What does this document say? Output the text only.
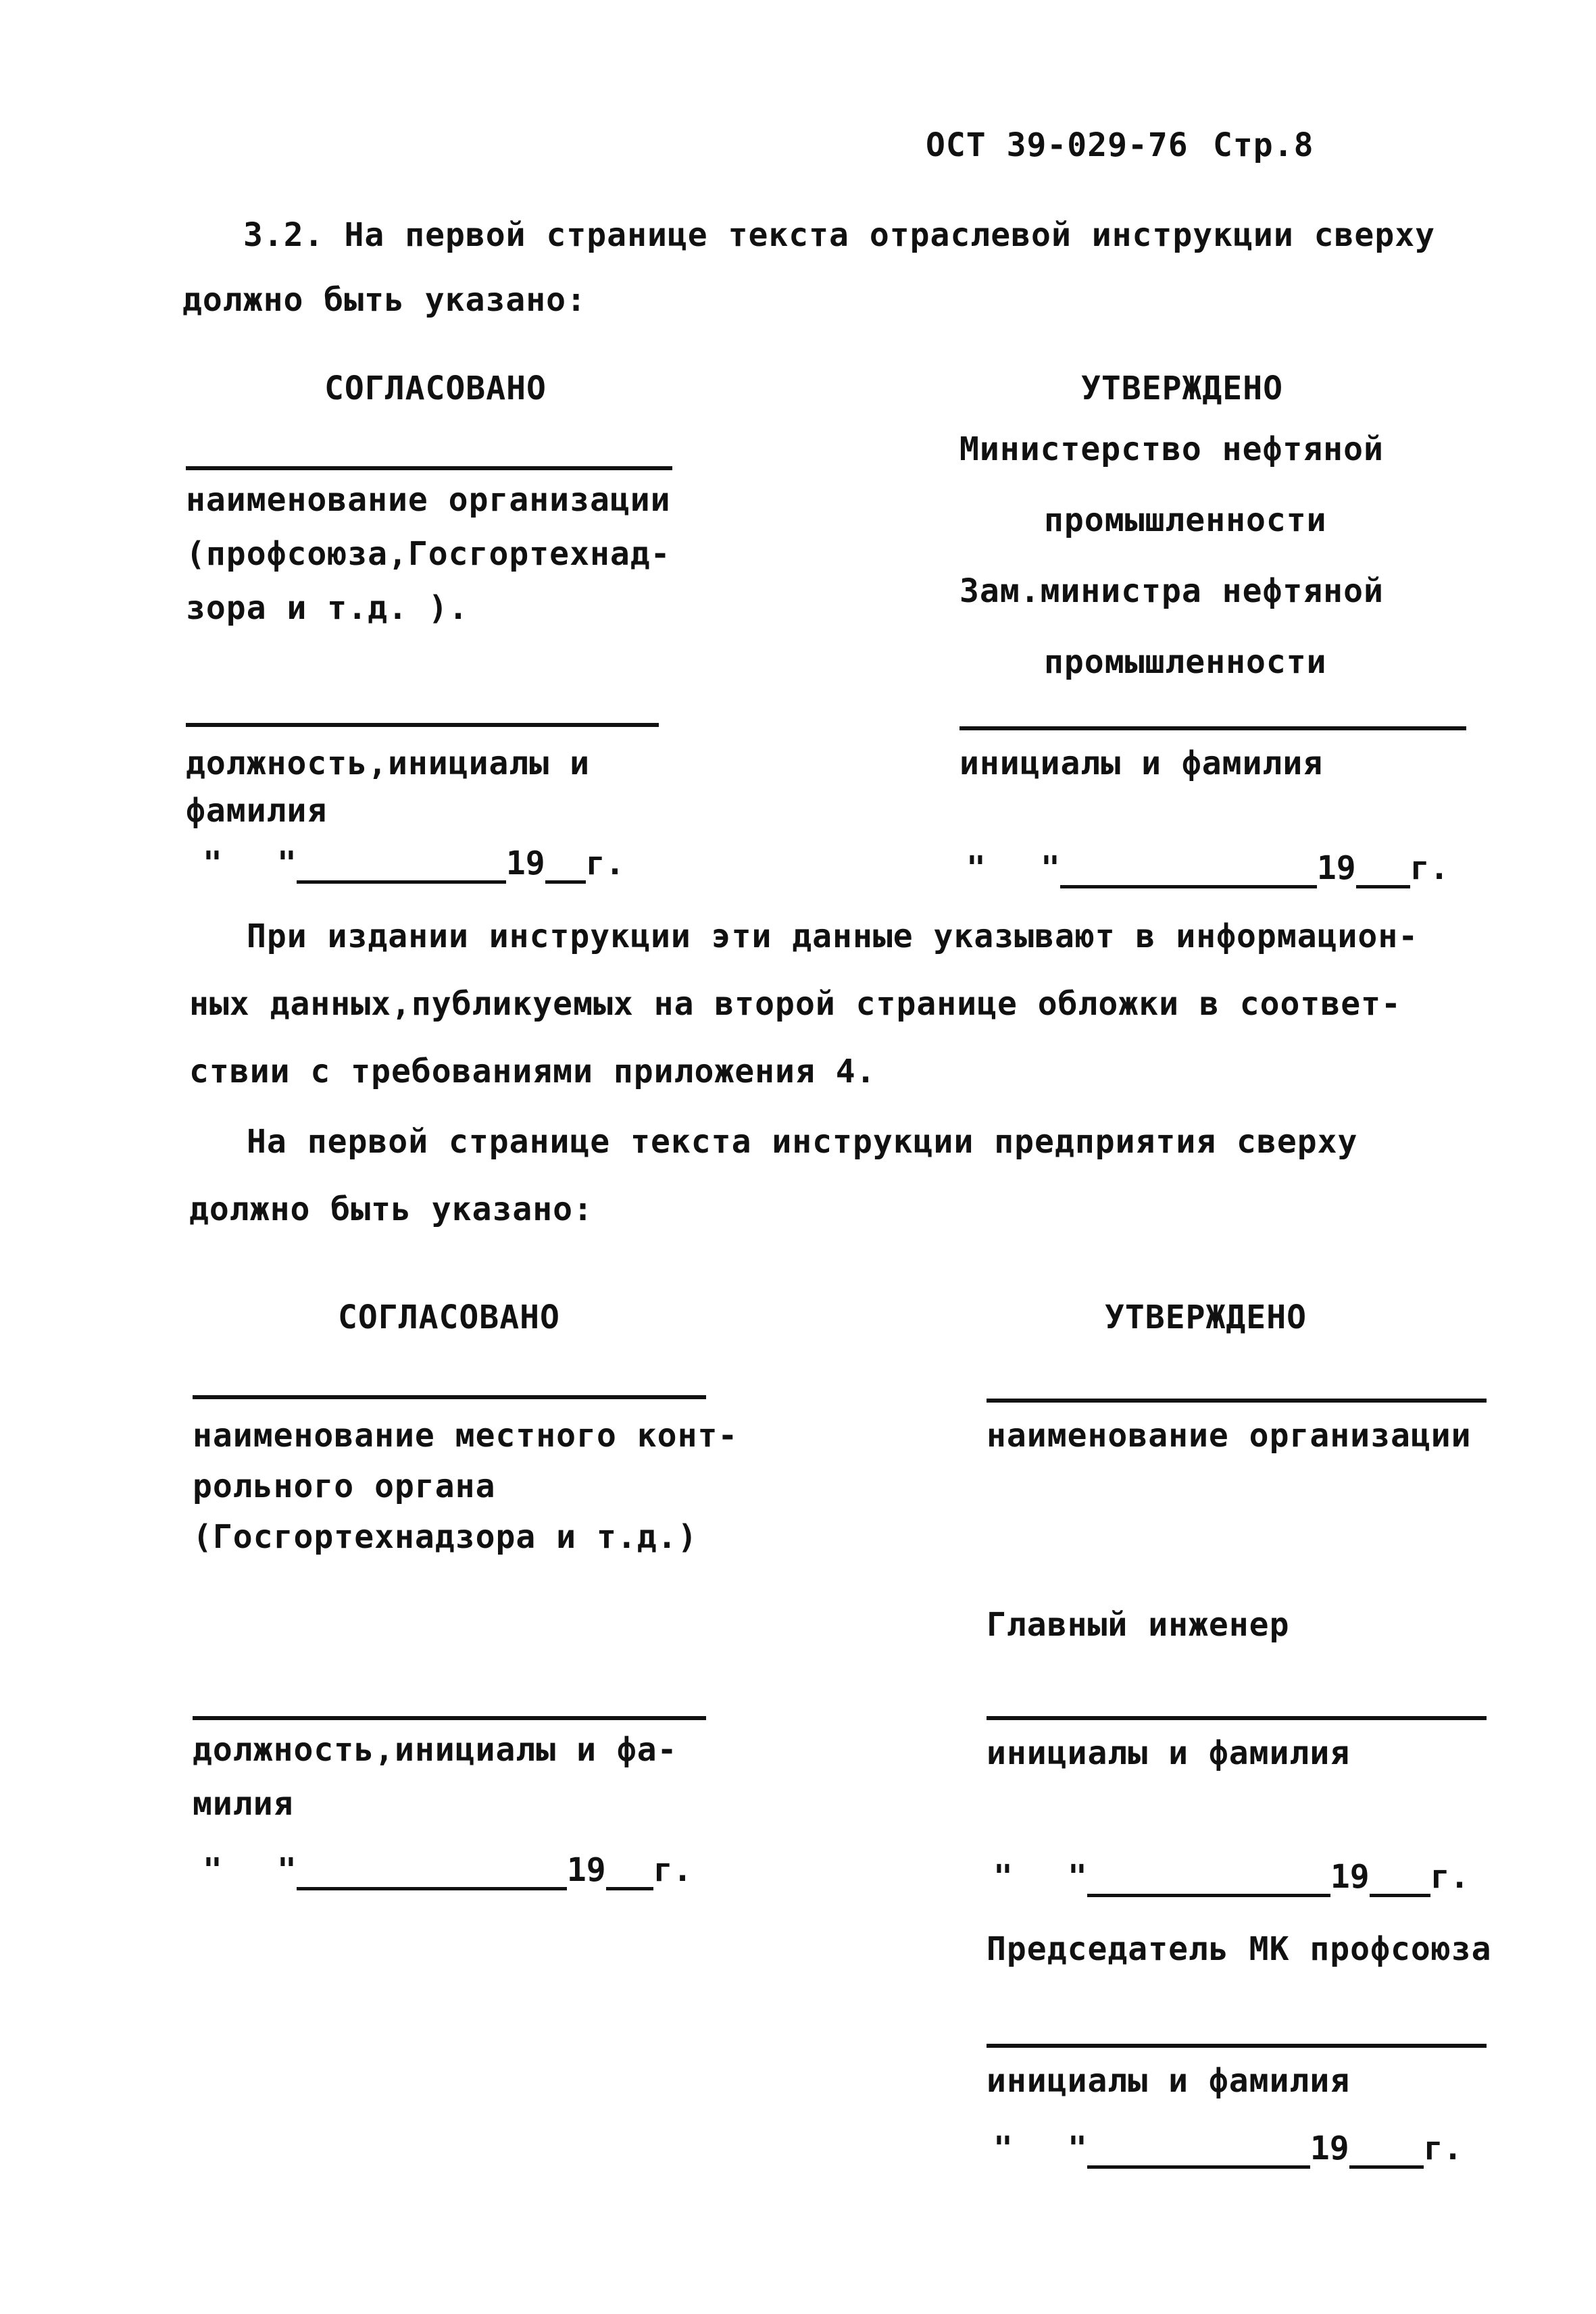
ОСТ 39-029-76 Стр.8
3.2. На первой странице текста отраслевой инструкции сверху
должно быть указано:
СОГЛАСОВАНО
наименование организации
(профсоюза,Госгортехнад-
зора и т.д. ).
должность,инициалы и
фамилия
" "	19 г.
УТВЕРЖДЕНО
Министерство нефтяной
промышленности
Зам.министра нефтяной
промышленности
инициалы и фамилия
" "	19 г.
При издании инструкции эти данные указывают в информацион-
ных данных,публикуемых на второй странице обложки в соответ-
ствии с требованиями приложения 4.
На первой странице текста инструкции предприятия сверху
должно быть указано:
СОГЛАСОВАНО
наименование местного конт-
рольного органа
(Госгортехнадзора и т.д.)
должность,инициалы и фа-
милия
" "	19 г.
УТВЕРЖДЕНО
наименование организации
Главный инженер
инициалы и фамилия
" "	19 г.
Председатель МК профсоюза
инициалы и фамилия
" "	19 г.
